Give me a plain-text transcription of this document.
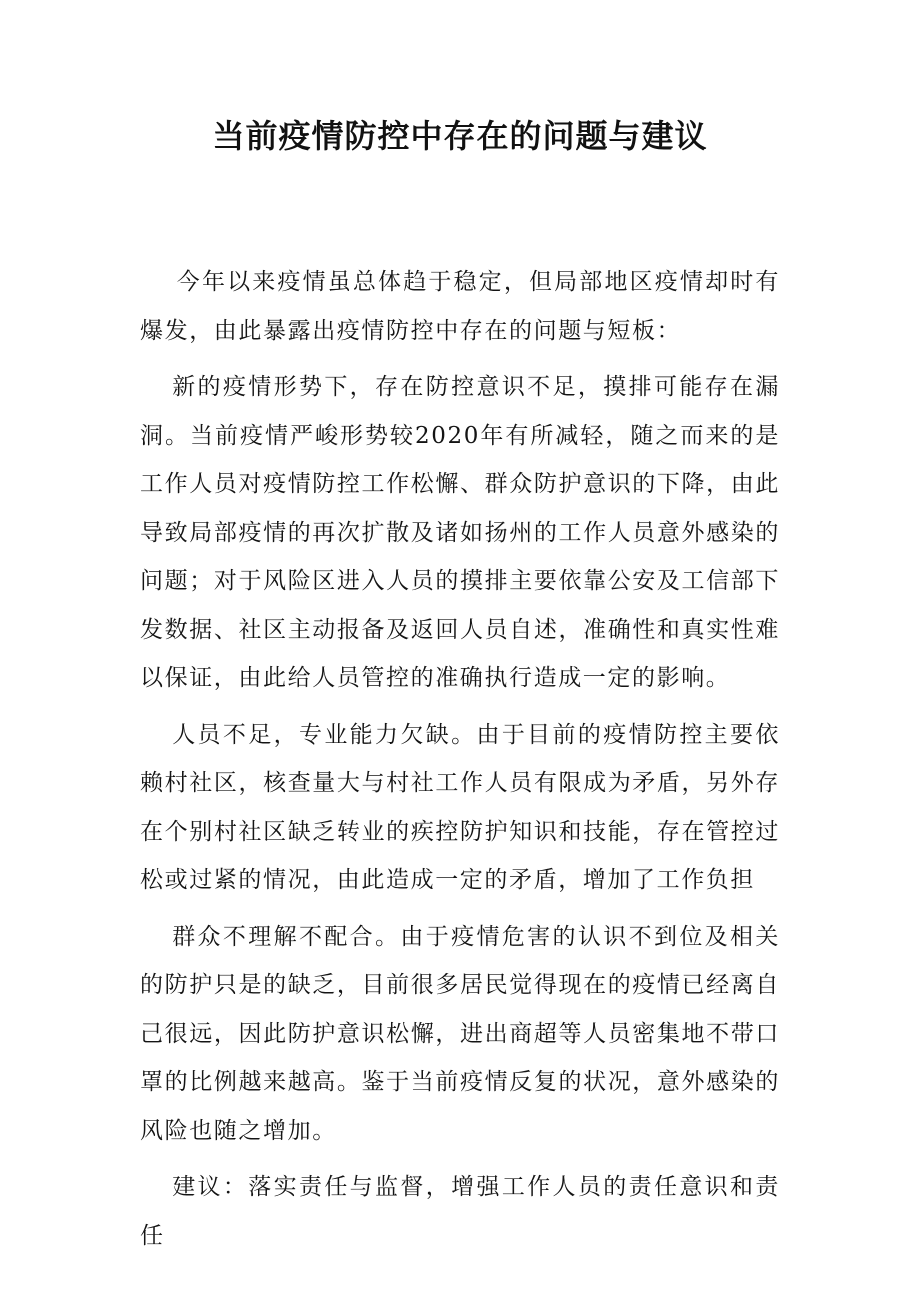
当前疫情防控中存在的问题与建议

今年以来疫情虽总体趋于稳定，但局部地区疫情却时有爆发，由此暴露出疫情防控中存在的问题与短板：

新的疫情形势下，存在防控意识不足，摸排可能存在漏洞。当前疫情严峻形势较2020年有所减轻，随之而来的是工作人员对疫情防控工作松懈、群众防护意识的下降，由此导致局部疫情的再次扩散及诸如扬州的工作人员意外感染的问题；对于风险区进入人员的摸排主要依靠公安及工信部下发数据、社区主动报备及返回人员自述，准确性和真实性难以保证，由此给人员管控的准确执行造成一定的影响。

人员不足，专业能力欠缺。由于目前的疫情防控主要依赖村社区，核查量大与村社工作人员有限成为矛盾，另外存在个别村社区缺乏转业的疾控防护知识和技能，存在管控过松或过紧的情况，由此造成一定的矛盾，增加了工作负担

群众不理解不配合。由于疫情危害的认识不到位及相关的防护只是的缺乏，目前很多居民觉得现在的疫情已经离自己很远，因此防护意识松懈，进出商超等人员密集地不带口罩的比例越来越高。鉴于当前疫情反复的状况，意外感染的风险也随之增加。

建议：落实责任与监督，增强工作人员的责任意识和责任
